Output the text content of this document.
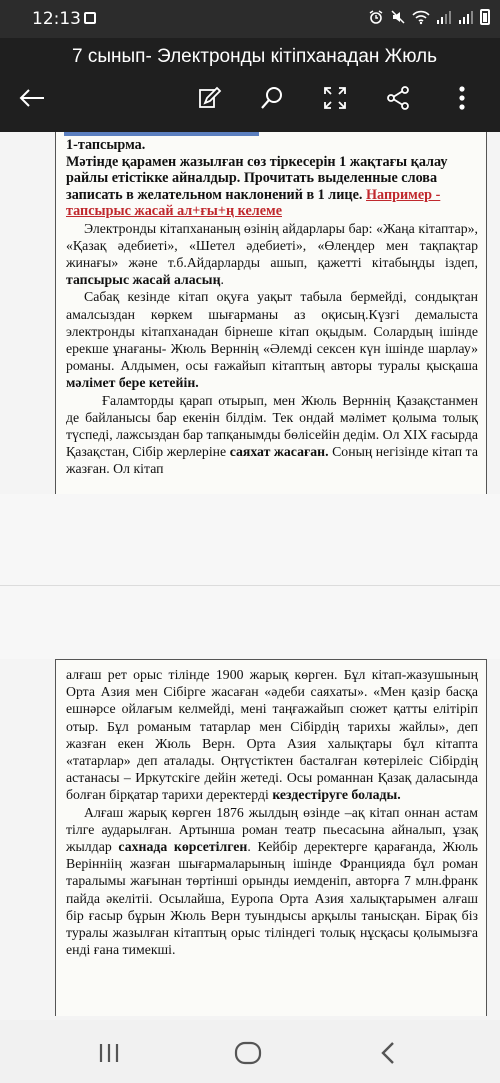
12:13
7 сынып- Электронды кітіпханадан Жюль

1-тапсырма.

Мәтінде қарамен жазылған сөз тіркесерін 1 жақтағы қалау райлы етістікке айналдыр. Прочитать выделенные слова записать в желательном наклонений в 1 лице. Например - тапсырыс жасай ал+ғы+ң келеме

Электронды кітапхананың өзінің айдарлары бар: «Жаңа кітаптар», «Қазақ әдебиеті», «Шетел әдебиеті», «Өлеңдер мен тақпақтар жинағы» және т.б.Айдарларды ашып, қажетті кітабыңды іздеп, тапсырыс жасай аласың.

Сабақ кезінде кітап оқуға уақыт табыла бермейді, сондықтан амалсыздан көркем шығарманы аз оқисың.Күзгі демалыста электронды кітапханадан бірнеше кітап оқыдым. Солардың ішінде ерекше ұнағаны- Жюль Верннің «Әлемді сексен күн ішінде шарлау» романы. Алдымен, осы ғажайып кітаптың авторы туралы қысқаша мәлімет бере кетейін.

Ғаламторды қарап отырып, мен Жюль Верннің Қазақстанмен де байланысы бар екенін білдім. Тек ондай мәлімет қолыма толық түспеді, лажсыздан бар тапқанымды бөлісейін дедім. Ол XIX ғасырда Қазақстан, Сібір жерлеріне саяхат жасаған. Соның негізінде кітап та жазған. Ол кітап

алғаш рет орыс тілінде 1900 жарық көрген. Бұл кітап-жазушының Орта Азия мен Сібірге жасаған «әдеби саяхаты». «Мен қазір басқа ешнәрсе ойлағым келмейді, мені таңғажайып сюжет қатты елітіріп отыр. Бұл романым татарлар мен Сібірдің тарихы жайлы», деп жазған екен Жюль Верн. Орта Азия халықтары бұл кітапта «татарлар» деп аталады. Оңтүстіктен басталған көтерілеіс Сібірдің астанасы – Иркутскіге дейін жетеді. Осы романнан Қазақ даласында болған бірқатар тарихи деректерді кездестіруге болады.

Алғаш жарық көрген 1876 жылдың өзінде –ақ кітап оннан астам тілге аударылған. Артынша роман театр пьесасына айналып, ұзақ жылдар сахнада көрсетілген. Кейбір деректерге қарағанда, Жюль Верінніің жазған шығармаларының ішінде Францияда бұл роман таралымы жағынан төртінші орынды иемденіп, авторға 7 млн.франк пайда әкелітіі. Осылайша, Еуропа Орта Азия халықтарымен алғаш бір ғасыр бұрын Жюль Верн туындысы арқылы танысқан. Бірақ біз туралы жазылған кітаптың орыс тіліндегі толық нұсқасы қолымызға енді ғана тимекші.
